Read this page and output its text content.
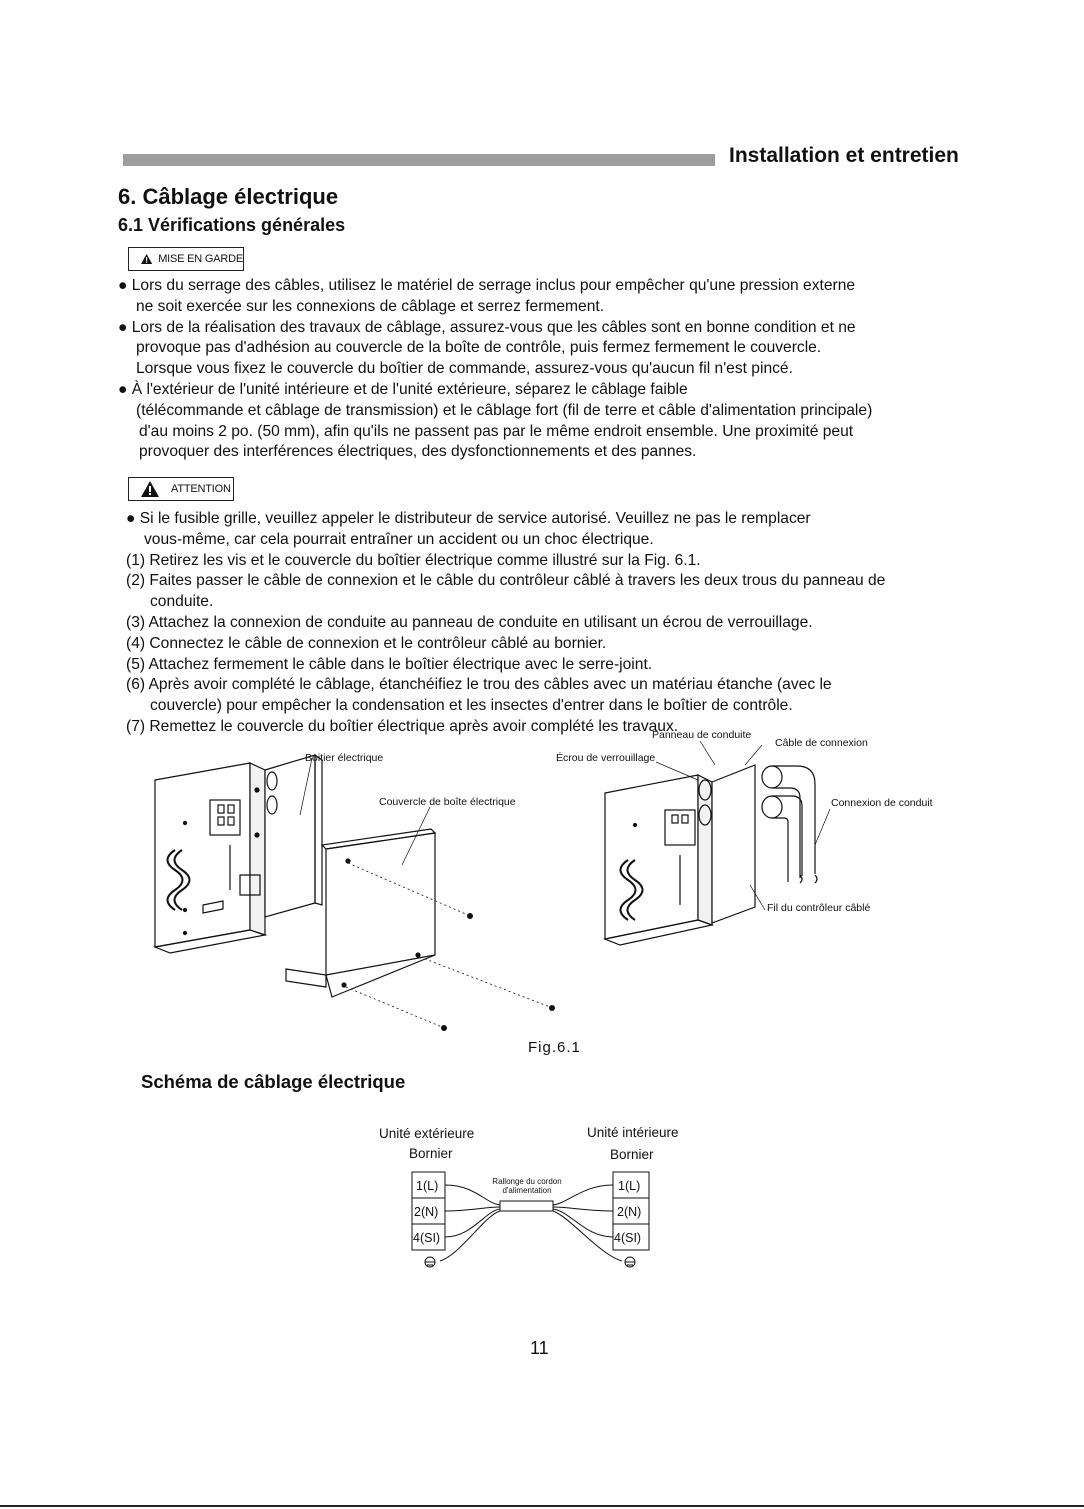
Installation et entretien
6. Câblage électrique
6.1 Vérifications générales
MISE EN GARDE
● Lors du serrage des câbles, utilisez le matériel de serrage inclus pour empêcher qu'une pression externe
ne soit exercée sur les connexions de câblage et serrez fermement.
● Lors de la réalisation des travaux de câblage, assurez-vous que les câbles sont en bonne condition et ne
provoque pas d'adhésion au couvercle de la boîte de contrôle, puis fermez fermement le couvercle.
Lorsque vous fixez le couvercle du boîtier de commande, assurez-vous qu'aucun fil n'est pincé.
● À l'extérieur de l'unité intérieure et de l'unité extérieure, séparez le câblage faible
(télécommande et câblage de transmission) et le câblage fort (fil de terre et câble d'alimentation principale)
d'au moins 2 po. (50 mm), afin qu'ils ne passent pas par le même endroit ensemble. Une proximité peut
provoquer des interférences électriques, des dysfonctionnements et des pannes.
ATTENTION
● Si le fusible grille, veuillez appeler le distributeur de service autorisé. Veuillez ne pas le remplacer
vous-même, car cela pourrait entraîner un accident ou un choc électrique.
(1) Retirez les vis et le couvercle du boîtier électrique comme illustré sur la Fig. 6.1.
(2) Faites passer le câble de connexion et le câble du contrôleur câblé à travers les deux trous du panneau de
conduite.
(3) Attachez la connexion de conduite au panneau de conduite en utilisant un écrou de verrouillage.
(4) Connectez le câble de connexion et le contrôleur câblé au bornier.
(5) Attachez fermement le câble dans le boîtier électrique avec le serre-joint.
(6) Après avoir complété le câblage, étanchéifiez le trou des câbles avec un matériau étanche (avec le
couvercle) pour empêcher la condensation et les insectes d'entrer dans le boîtier de contrôle.
(7) Remettez le couvercle du boîtier électrique après avoir complété les travaux.
Boitier électrique
Couvercle de boîte électrique
Écrou de verrouillage
Panneau de conduite
Câble de connexion
Connexion de conduit
Fil du contrôleur câblé
Fig.6.1
Schéma de câblage électrique
Unité extérieure	Unité intérieure
Bornier	Bornier
1(L)
2(N)
4(SI)
1(L)
2(N)
4(SI)
Rallonge du cordon
d'alimentation
11
